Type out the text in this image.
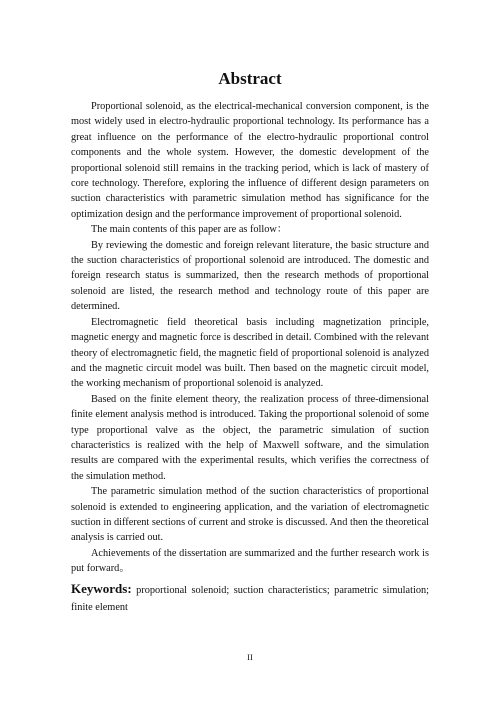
Abstract

Proportional solenoid, as the electrical-mechanical conversion component, is the most widely used in electro-hydraulic proportional technology. Its performance has a great influence on the performance of the electro-hydraulic proportional control components and the whole system. However, the domestic development of the proportional solenoid still remains in the tracking period, which is lack of mastery of core technology. Therefore, exploring the influence of different design parameters on suction characteristics with parametric simulation method has significance for the optimization design and the performance improvement of proportional solenoid.

The main contents of this paper are as follow：

By reviewing the domestic and foreign relevant literature, the basic structure and the suction characteristics of proportional solenoid are introduced. The domestic and foreign research status is summarized, then the research methods of proportional solenoid are listed, the research method and technology route of this paper are determined.

Electromagnetic field theoretical basis including magnetization principle, magnetic energy and magnetic force is described in detail. Combined with the relevant theory of electromagnetic field, the magnetic field of proportional solenoid is analyzed and the magnetic circuit model was built. Then based on the magnetic circuit model, the working mechanism of proportional solenoid is analyzed.

Based on the finite element theory, the realization process of three-dimensional finite element analysis method is introduced. Taking the proportional solenoid of some type proportional valve as the object, the parametric simulation of suction characteristics is realized with the help of Maxwell software, and the simulation results are compared with the experimental results, which verifies the correctness of the simulation method.

The parametric simulation method of the suction characteristics of proportional solenoid is extended to engineering application, and the variation of electromagnetic suction in different sections of current and stroke is discussed. And then the theoretical analysis is carried out.

Achievements of the dissertation are summarized and the further research work is put forward。

Keywords: proportional solenoid; suction characteristics; parametric simulation; finite element

II
